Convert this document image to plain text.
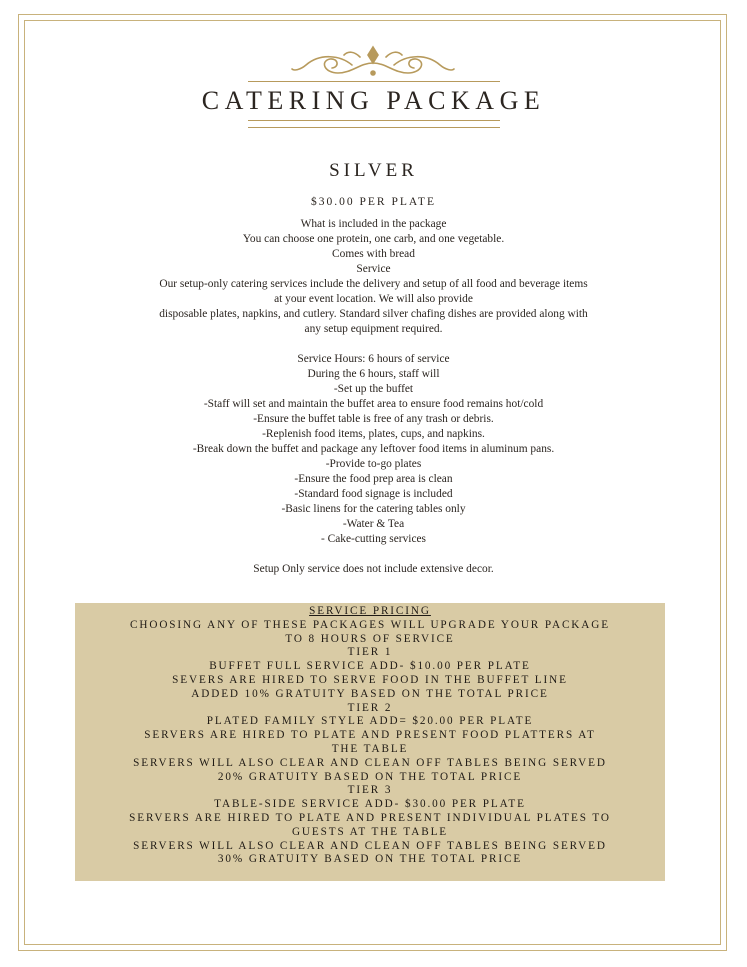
CATERING PACKAGE
SILVER
$30.00 PER PLATE
What is included in the package
You can choose one protein, one carb, and one vegetable.
Comes with bread
Service
Our setup-only catering services include the delivery and setup of all food and beverage items
at your event location. We will also provide
disposable plates, napkins, and cutlery. Standard silver chafing dishes are provided along with
any setup equipment required.
Service Hours: 6 hours of service
During the 6 hours, staff will
-Set up the buffet
-Staff will set and maintain the buffet area to ensure food remains hot/cold
-Ensure the buffet table is free of any trash or debris.
-Replenish food items, plates, cups, and napkins.
-Break down the buffet and package any leftover food items in aluminum pans.
-Provide to-go plates
-Ensure the food prep area is clean
-Standard food signage is included
-Basic linens for the catering tables only
-Water & Tea
- Cake-cutting services
Setup Only service does not include extensive decor.
SERVICE PRICING
CHOOSING ANY OF THESE PACKAGES WILL UPGRADE YOUR PACKAGE
TO 8 HOURS OF SERVICE
TIER 1
BUFFET FULL SERVICE ADD- $10.00 PER PLATE
SEVERS ARE HIRED TO SERVE FOOD IN THE BUFFET LINE
ADDED 10% GRATUITY BASED ON THE TOTAL PRICE
TIER 2
PLATED FAMILY STYLE ADD= $20.00 PER PLATE
SERVERS ARE HIRED TO PLATE AND PRESENT FOOD PLATTERS AT
THE TABLE
SERVERS WILL ALSO CLEAR AND CLEAN OFF TABLES BEING SERVED
20% GRATUITY BASED ON THE TOTAL PRICE
TIER 3
TABLE-SIDE SERVICE ADD- $30.00 PER PLATE
SERVERS ARE HIRED TO PLATE AND PRESENT INDIVIDUAL PLATES TO
GUESTS AT THE TABLE
SERVERS WILL ALSO CLEAR AND CLEAN OFF TABLES BEING SERVED
30% GRATUITY BASED ON THE TOTAL PRICE
